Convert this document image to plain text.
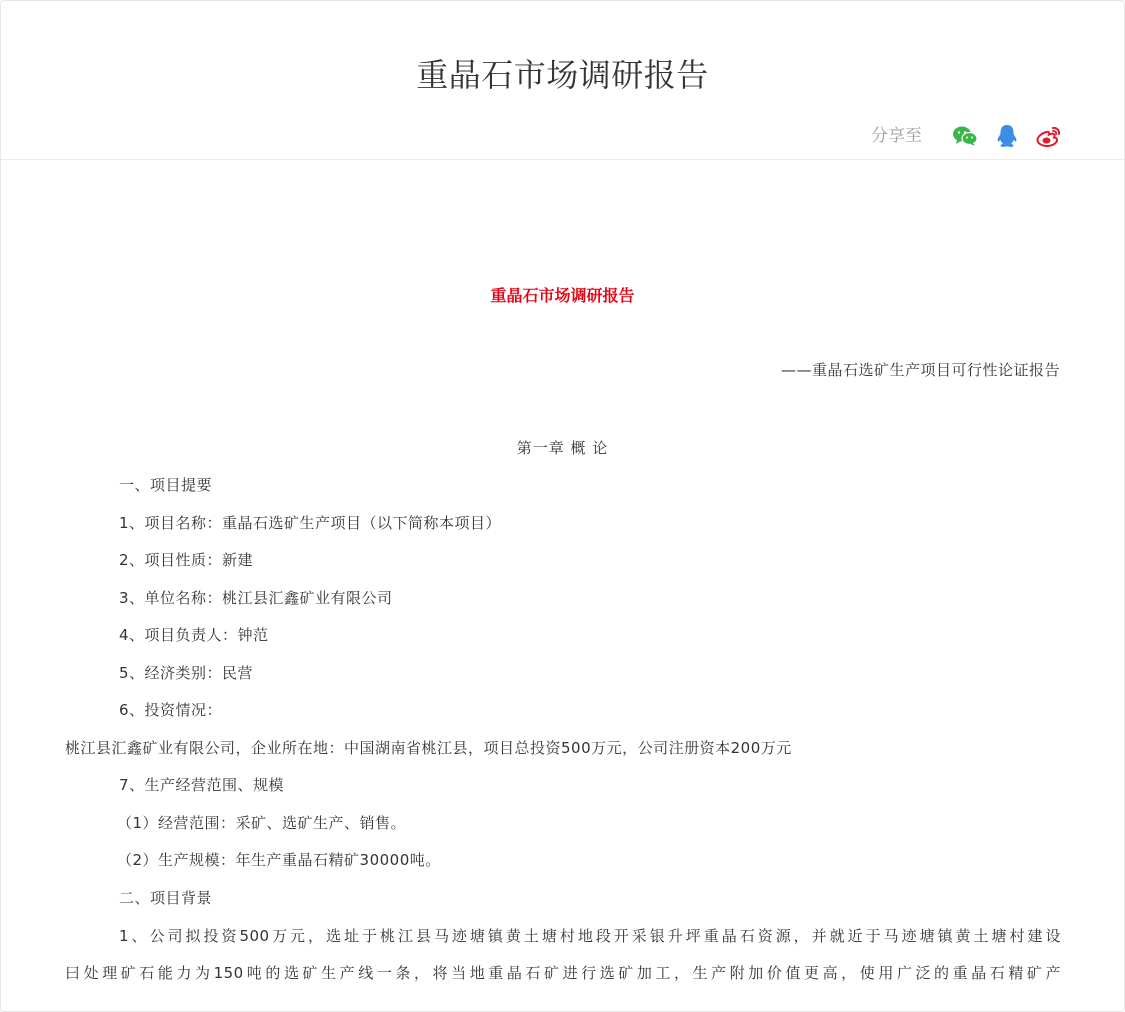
重晶石市场调研报告
分享至
重晶石市场调研报告
——重晶石选矿生产项目可行性论证报告
第一章 概 论
一、项目提要
1、项目名称：重晶石选矿生产项目（以下简称本项目）
2、项目性质：新建
3、单位名称：桃江县汇鑫矿业有限公司
4、项目负责人：钟范
5、经济类别：民营
6、投资情况：
桃江县汇鑫矿业有限公司，企业所在地：中国湖南省桃江县，项目总投资500万元，公司注册资本200万元
7、生产经营范围、规模
（1）经营范围：采矿、选矿生产、销售。
（2）生产规模：年生产重晶石精矿30000吨。
二、项目背景
1、公司拟投资500万元，选址于桃江县马迹塘镇黄土塘村地段开采银升坪重晶石资源，并就近于马迹塘镇黄土塘村建设
曰处理矿石能力为150吨的选矿生产线一条，将当地重晶石矿进行选矿加工，生产附加价值更高，使用广泛的重晶石精矿产
